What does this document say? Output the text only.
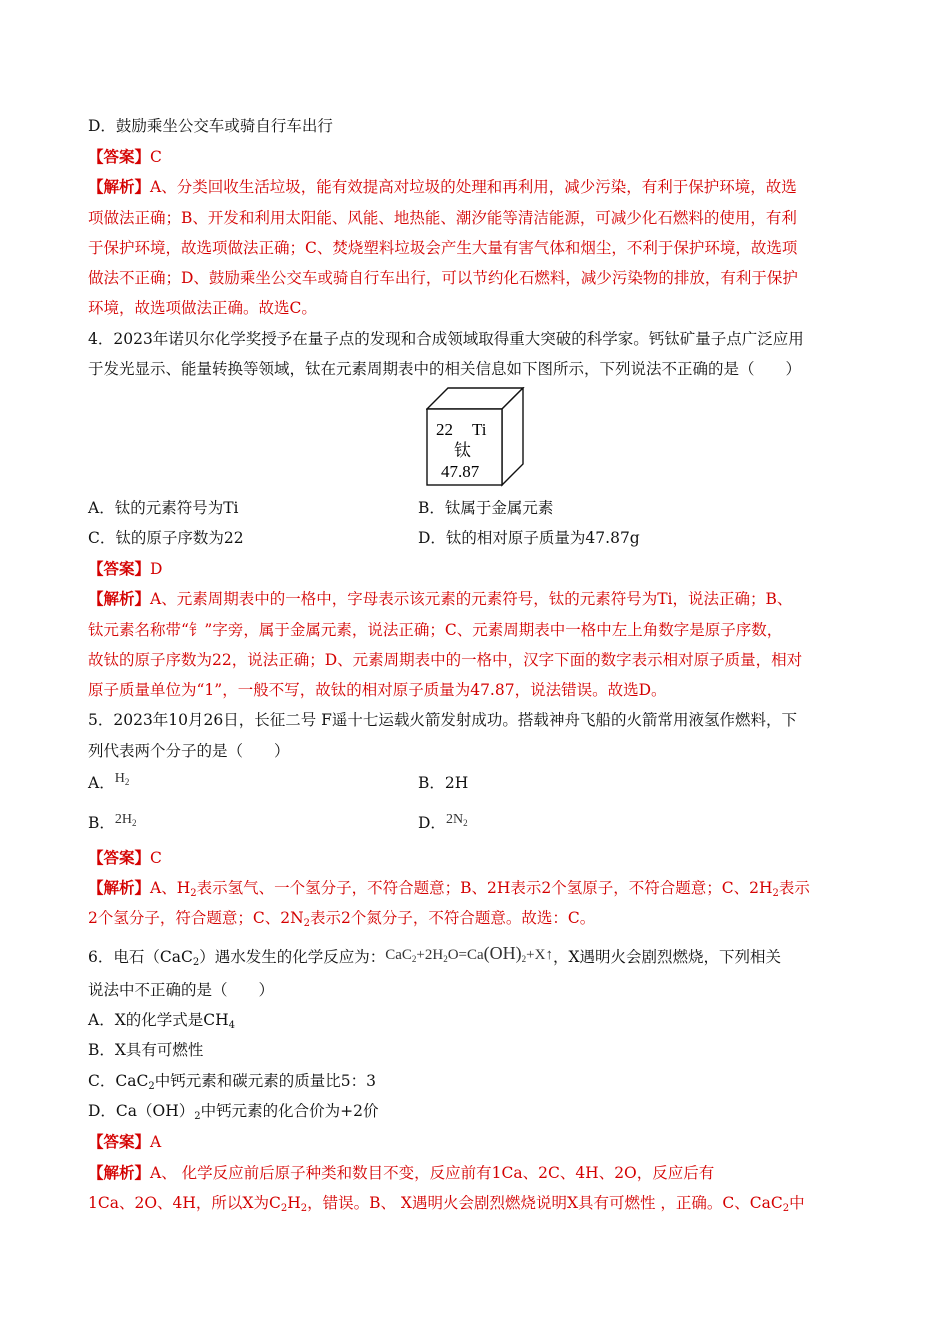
D．鼓励乘坐公交车或骑自行车出行
【答案】C
【解析】A、分类回收生活垃圾，能有效提高对垃圾的处理和再利用，减少污染，有利于保护环境，故选
项做法正确；B、开发和利用太阳能、风能、地热能、潮汐能等清洁能源，可减少化石燃料的使用，有利
于保护环境，故选项做法正确；C、焚烧塑料垃圾会产生大量有害气体和烟尘，不利于保护环境，故选项
做法不正确；D、鼓励乘坐公交车或骑自行车出行，可以节约化石燃料，减少污染物的排放，有利于保护
环境，故选项做法正确。故选C。
4．2023年诺贝尔化学奖授予在量子点的发现和合成领域取得重大突破的科学家。钙钛矿量子点广泛应用
于发光显示、能量转换等领域，钛在元素周期表中的相关信息如下图所示，下列说法不正确的是（　　）
22 Ti
钛
47.87
A．钛的元素符号为Ti	B．钛属于金属元素
C．钛的原子序数为22	D．钛的相对原子质量为47.87g
【答案】D
【解析】A、元素周期表中的一格中，字母表示该元素的元素符号，钛的元素符号为Ti，说法正确；B、
钛元素名称带“钅”字旁，属于金属元素，说法正确；C、元素周期表中一格中左上角数字是原子序数，
故钛的原子序数为22，说法正确；D、元素周期表中的一格中，汉字下面的数字表示相对原子质量，相对
原子质量单位为“1”，一般不写，故钛的相对原子质量为47.87，说法错误。故选D。
5．2023年10月26日，长征二号 F遥十七运载火箭发射成功。搭载神舟飞船的火箭常用液氢作燃料，下
列代表两个分子的是（　　）
A．$H_2$	B．2H
B．$2H_2$	D．$2N_2$
【答案】C
【解析】A、$H_2$表示氢气、一个氢分子，不符合题意；B、2H表示2个氢原子，不符合题意；C、$2H_2$表示
2个氢分子，符合题意；C、$2N_2$表示2个氮分子，不符合题意。故选：C。
6．电石（CaC$_2$）遇水发生的化学反应为：$CaC_2+2H_2O=Ca(OH)_2+X↑$，X遇明火会剧烈燃烧，下列相关
说法中不正确的是（　　）
A．X的化学式是$CH_4$
B．X具有可燃性
C．CaC$_2$中钙元素和碳元素的质量比5：3
D．$Ca(OH)_2$中钙元素的化合价为+2价
【答案】A
【解析】A、 化学反应前后原子种类和数目不变，反应前有1Ca、2C、4H、2O，反应后有
1Ca、2O、4H，所以X为$C_2H_2$，错误。B、 X遇明火会剧烈燃烧说明X具有可燃性 ，正确。C、CaC$_2$中
